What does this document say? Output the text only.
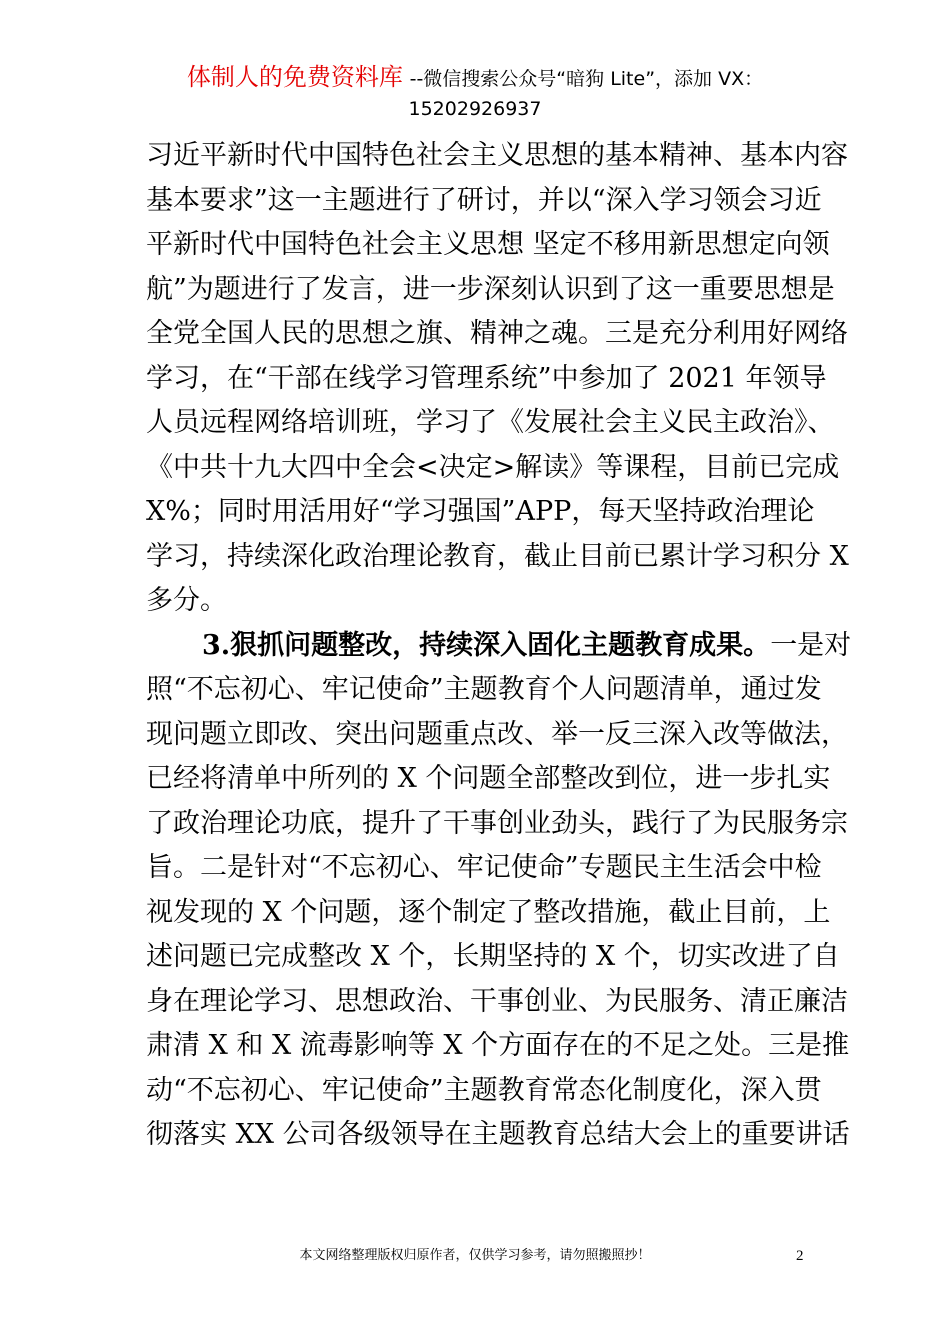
体制人的免费资料库 --微信搜索公众号“暗狗 Lite”，添加 VX：
15202926937
习近平新时代中国特色社会主义思想的基本精神、基本内容
基本要求”这一主题进行了研讨，并以“深入学习领会习近
平新时代中国特色社会主义思想 坚定不移用新思想定向领
航”为题进行了发言，进一步深刻认识到了这一重要思想是
全党全国人民的思想之旗、精神之魂。三是充分利用好网络
学习，在“干部在线学习管理系统”中参加了 2021 年领导
人员远程网络培训班，学习了《发展社会主义民主政治》、
《中共十九大四中全会<决定>解读》等课程，目前已完成
X%；同时用活用好“学习强国”APP，每天坚持政治理论
学习，持续深化政治理论教育，截止目前已累计学习积分 X
多分。
3.狠抓问题整改，持续深入固化主题教育成果。一是对
照“不忘初心、牢记使命”主题教育个人问题清单，通过发
现问题立即改、突出问题重点改、举一反三深入改等做法，
已经将清单中所列的 X 个问题全部整改到位，进一步扎实
了政治理论功底，提升了干事创业劲头，践行了为民服务宗
旨。二是针对“不忘初心、牢记使命”专题民主生活会中检
视发现的 X 个问题，逐个制定了整改措施，截止目前，上
述问题已完成整改 X 个，长期坚持的 X 个，切实改进了自
身在理论学习、思想政治、干事创业、为民服务、清正廉洁
肃清 X 和 X 流毒影响等 X 个方面存在的不足之处。三是推
动“不忘初心、牢记使命”主题教育常态化制度化，深入贯
彻落实 XX 公司各级领导在主题教育总结大会上的重要讲话
本文网络整理版权归原作者，仅供学习参考，请勿照搬照抄！	2
